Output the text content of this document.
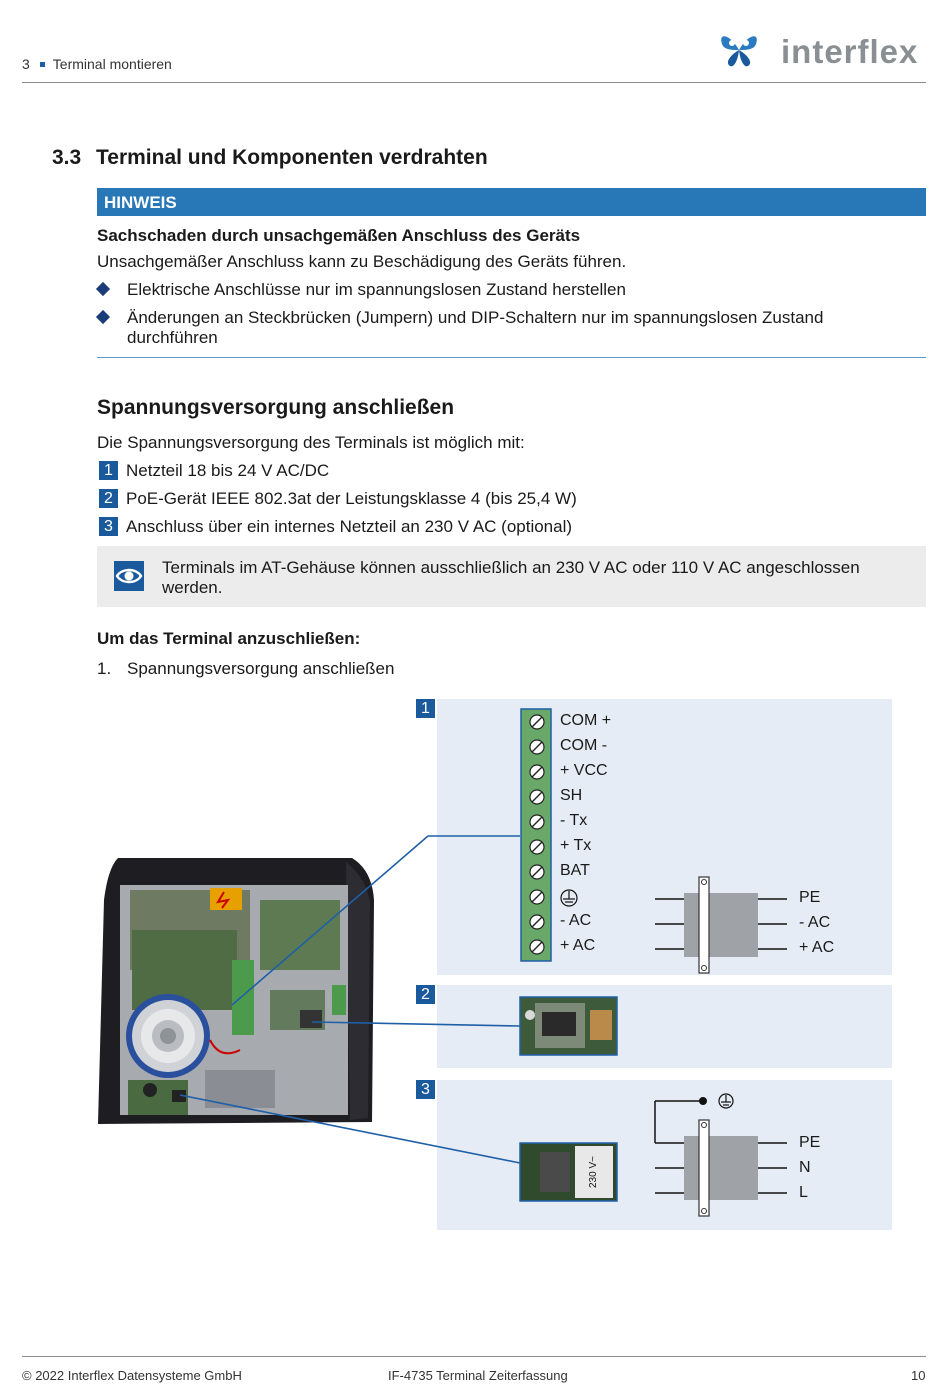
3 Terminal montieren	interflex
3.3 Terminal und Komponenten verdrahten
HINWEIS
Sachschaden durch unsachgemäßen Anschluss des Geräts
Unsachgemäßer Anschluss kann zu Beschädigung des Geräts führen.
Elektrische Anschlüsse nur im spannungslosen Zustand herstellen
Änderungen an Steckbrücken (Jumpern) und DIP-Schaltern nur im spannungslosen Zustand
durchführen
Spannungsversorgung anschließen
Die Spannungsversorgung des Terminals ist möglich mit:
1 Netzteil 18 bis 24 V AC/DC
2 PoE-Gerät IEEE 802.3at der Leistungsklasse 4 (bis 25,4 W)
3 Anschluss über ein internes Netzteil an 230 V AC (optional)
Terminals im AT-Gehäuse können ausschließlich an 230 V AC oder 110 V AC angeschlossen
werden.
Um das Terminal anzuschließen:
1. Spannungsversorgung anschließen
1
2
3
230 V~
COM +
COM -
+ VCC
SH
- Tx
+ Tx
BAT
- AC
+ AC
PE
- AC
+ AC
PE
N
L
© 2022 Interflex Datensysteme GmbH	IF-4735 Terminal Zeiterfassung	10
